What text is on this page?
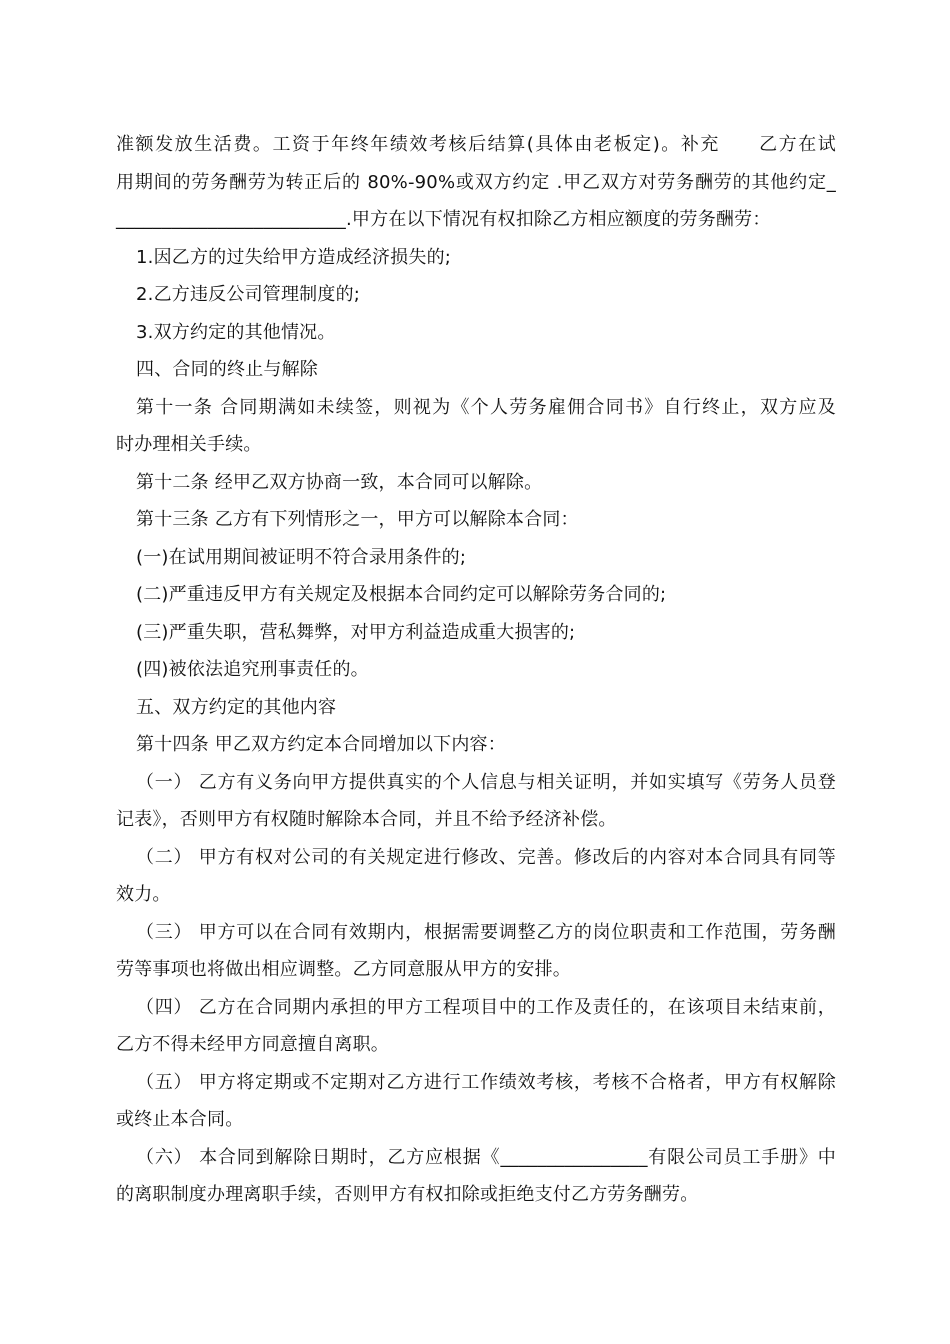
准额发放生活费。工资于年终年绩效考核后结算(具体由老板定)。补充　　乙方在试
用期间的劳务酬劳为转正后的 80%-90%或双方约定 .甲乙双方对劳务酬劳的其他约定_
_________________________.甲方在以下情况有权扣除乙方相应额度的劳务酬劳：
1.因乙方的过失给甲方造成经济损失的;
2.乙方违反公司管理制度的;
3.双方约定的其他情况。
四、合同的终止与解除
第十一条 合同期满如未续签，则视为《个人劳务雇佣合同书》自行终止，双方应及
时办理相关手续。
第十二条 经甲乙双方协商一致，本合同可以解除。
第十三条 乙方有下列情形之一，甲方可以解除本合同：
(一)在试用期间被证明不符合录用条件的;
(二)严重违反甲方有关规定及根据本合同约定可以解除劳务合同的;
(三)严重失职，营私舞弊，对甲方利益造成重大损害的;
(四)被依法追究刑事责任的。
五、双方约定的其他内容
第十四条 甲乙双方约定本合同增加以下内容：
（一） 乙方有义务向甲方提供真实的个人信息与相关证明，并如实填写《劳务人员登
记表》，否则甲方有权随时解除本合同，并且不给予经济补偿。
（二） 甲方有权对公司的有关规定进行修改、完善。修改后的内容对本合同具有同等
效力。
（三） 甲方可以在合同有效期内，根据需要调整乙方的岗位职责和工作范围，劳务酬
劳等事项也将做出相应调整。乙方同意服从甲方的安排。
（四） 乙方在合同期内承担的甲方工程项目中的工作及责任的，在该项目未结束前，
乙方不得未经甲方同意擅自离职。
（五） 甲方将定期或不定期对乙方进行工作绩效考核，考核不合格者，甲方有权解除
或终止本合同。
（六） 本合同到解除日期时，乙方应根据《________________有限公司员工手册》中
的离职制度办理离职手续，否则甲方有权扣除或拒绝支付乙方劳务酬劳。
